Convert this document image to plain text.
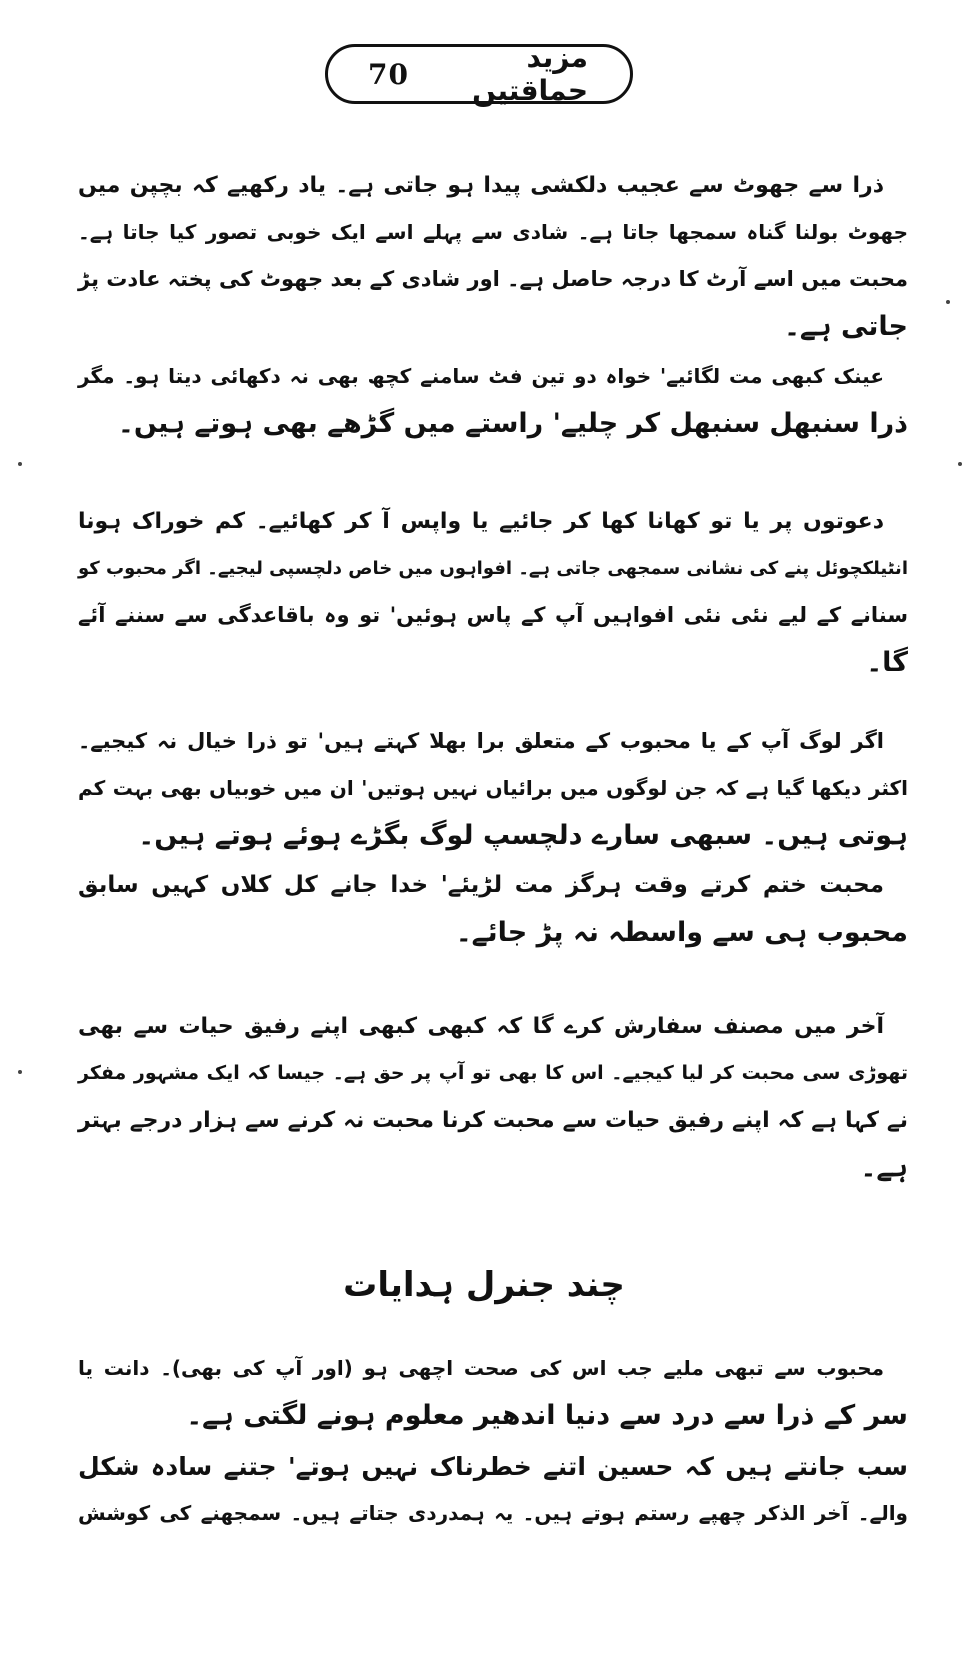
70	مزید حماقتیں
ذرا سے جھوٹ سے عجیب دلکشی پیدا ہو جاتی ہے۔ یاد رکھیے کہ بچپن میں
جھوٹ بولنا گناہ سمجھا جاتا ہے۔ شادی سے پہلے اسے ایک خوبی تصور کیا جاتا ہے۔
محبت میں اسے آرٹ کا درجہ حاصل ہے۔ اور شادی کے بعد جھوٹ کی پختہ عادت پڑ
جاتی ہے۔
عینک کبھی مت لگائیے' خواہ دو تین فٹ سامنے کچھ بھی نہ دکھائی دیتا ہو۔ مگر
ذرا سنبھل سنبھل کر چلیے' راستے میں گڑھے بھی ہوتے ہیں۔
دعوتوں پر یا تو کھانا کھا کر جائیے یا واپس آ کر کھائیے۔ کم خوراک ہونا
انٹیلکچوئل پنے کی نشانی سمجھی جاتی ہے۔ افواہوں میں خاص دلچسپی لیجیے۔ اگر محبوب کو
سنانے کے لیے نئی نئی افواہیں آپ کے پاس ہوئیں' تو وہ باقاعدگی سے سننے آئے
گا۔
اگر لوگ آپ کے یا محبوب کے متعلق برا بھلا کہتے ہیں' تو ذرا خیال نہ کیجیے۔
اکثر دیکھا گیا ہے کہ جن لوگوں میں برائیاں نہیں ہوتیں' ان میں خوبیاں بھی بہت کم
ہوتی ہیں۔ سبھی سارے دلچسپ لوگ بگڑے ہوئے ہوتے ہیں۔
محبت ختم کرتے وقت ہرگز مت لڑیئے' خدا جانے کل کلاں کہیں سابق
محبوب ہی سے واسطہ نہ پڑ جائے۔
آخر میں مصنف سفارش کرے گا کہ کبھی کبھی اپنے رفیق حیات سے بھی
تھوڑی سی محبت کر لیا کیجیے۔ اس کا بھی تو آپ پر حق ہے۔ جیسا کہ ایک مشہور مفکر
نے کہا ہے کہ اپنے رفیق حیات سے محبت کرنا محبت نہ کرنے سے ہزار درجے بہتر
ہے۔
چند جنرل ہدایات
محبوب سے تبھی ملیے جب اس کی صحت اچھی ہو (اور آپ کی بھی)۔ دانت یا
سر کے ذرا سے درد سے دنیا اندھیر معلوم ہونے لگتی ہے۔
سب جانتے ہیں کہ حسین اتنے خطرناک نہیں ہوتے' جتنے سادہ شکل
والے۔ آخر الذکر چھپے رستم ہوتے ہیں۔ یہ ہمدردی جتاتے ہیں۔ سمجھنے کی کوشش
